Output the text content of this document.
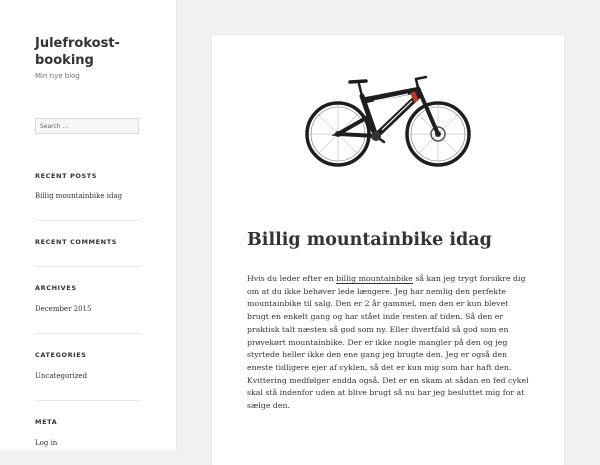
Julefrokost-booking
Min nye blog
Search ...
RECENT POSTS
Billig mountainbike idag
RECENT COMMENTS
ARCHIVES
December 2015
CATEGORIES
Uncategorized
META
Log in
Billig mountainbike idag
Hvis du leder efter en billig mountainbike så kan jeg trygt forsikre dig om at du ikke behøver lede længere. Jeg har nemlig den perfekte mountainbike til salg. Den er 2 år gammel, men den er kun blevet brugt en enkelt gang og har stået inde resten af tiden. Så den er praktisk talt næsten så god som ny. Eller ihvertfald så god som en prøvekørt mountainbike. Der er ikke nogle mangler på den og jeg styrtede heller ikke den ene gang jeg brugte den. Jeg er også den eneste tidligere ejer af cyklen, så det er kun mig som har haft den. Kvittering medfølger endda også. Det er en skam at sådan en fed cykel skal stå indenfor uden at blive brugt så nu har jeg besluttet mig for at sælge den.
